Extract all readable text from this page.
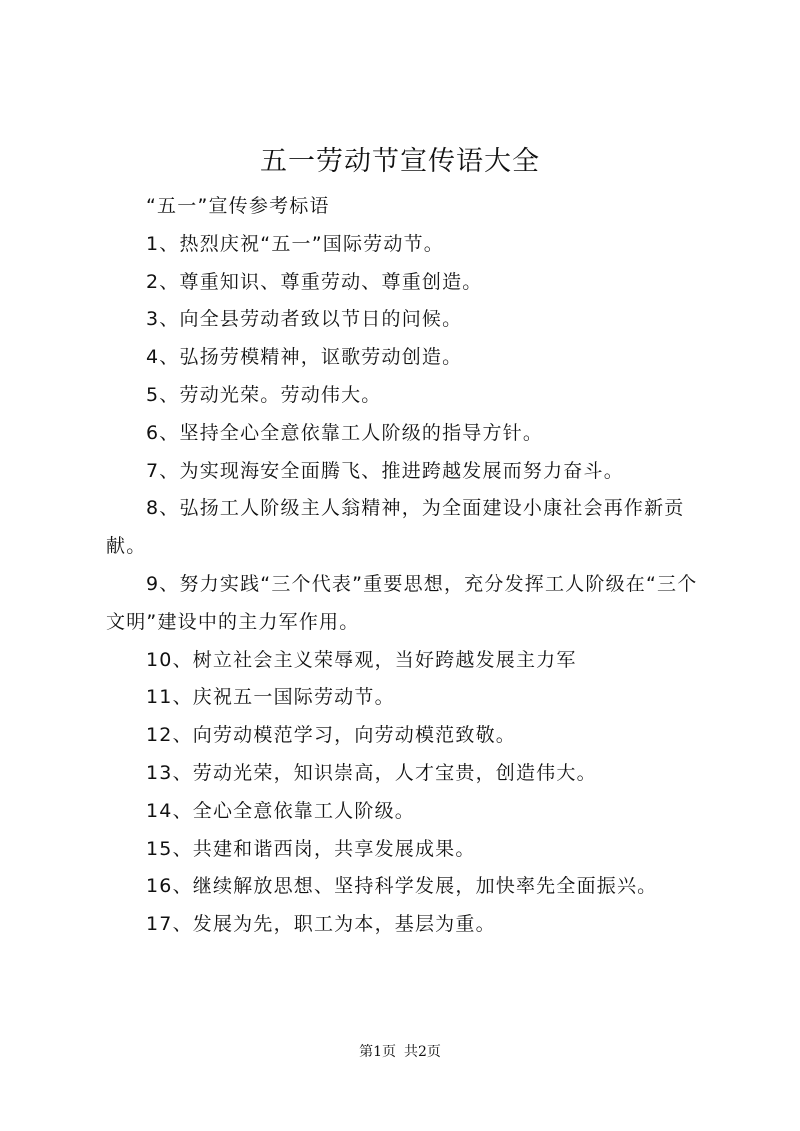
五一劳动节宣传语大全

“五一”宣传参考标语

1、热烈庆祝“五一”国际劳动节。

2、尊重知识、尊重劳动、尊重创造。

3、向全县劳动者致以节日的问候。

4、弘扬劳模精神，讴歌劳动创造。

5、劳动光荣。劳动伟大。

6、坚持全心全意依靠工人阶级的指导方针。

7、为实现海安全面腾飞、推进跨越发展而努力奋斗。

8、弘扬工人阶级主人翁精神，为全面建设小康社会再作新贡献。

9、努力实践“三个代表”重要思想，充分发挥工人阶级在“三个文明”建设中的主力军作用。

10、树立社会主义荣辱观，当好跨越发展主力军

11、庆祝五一国际劳动节。

12、向劳动模范学习，向劳动模范致敬。

13、劳动光荣，知识崇高，人才宝贵，创造伟大。

14、全心全意依靠工人阶级。

15、共建和谐西岗，共享发展成果。

16、继续解放思想、坚持科学发展，加快率先全面振兴。

17、发展为先，职工为本，基层为重。

第1页 共2页
